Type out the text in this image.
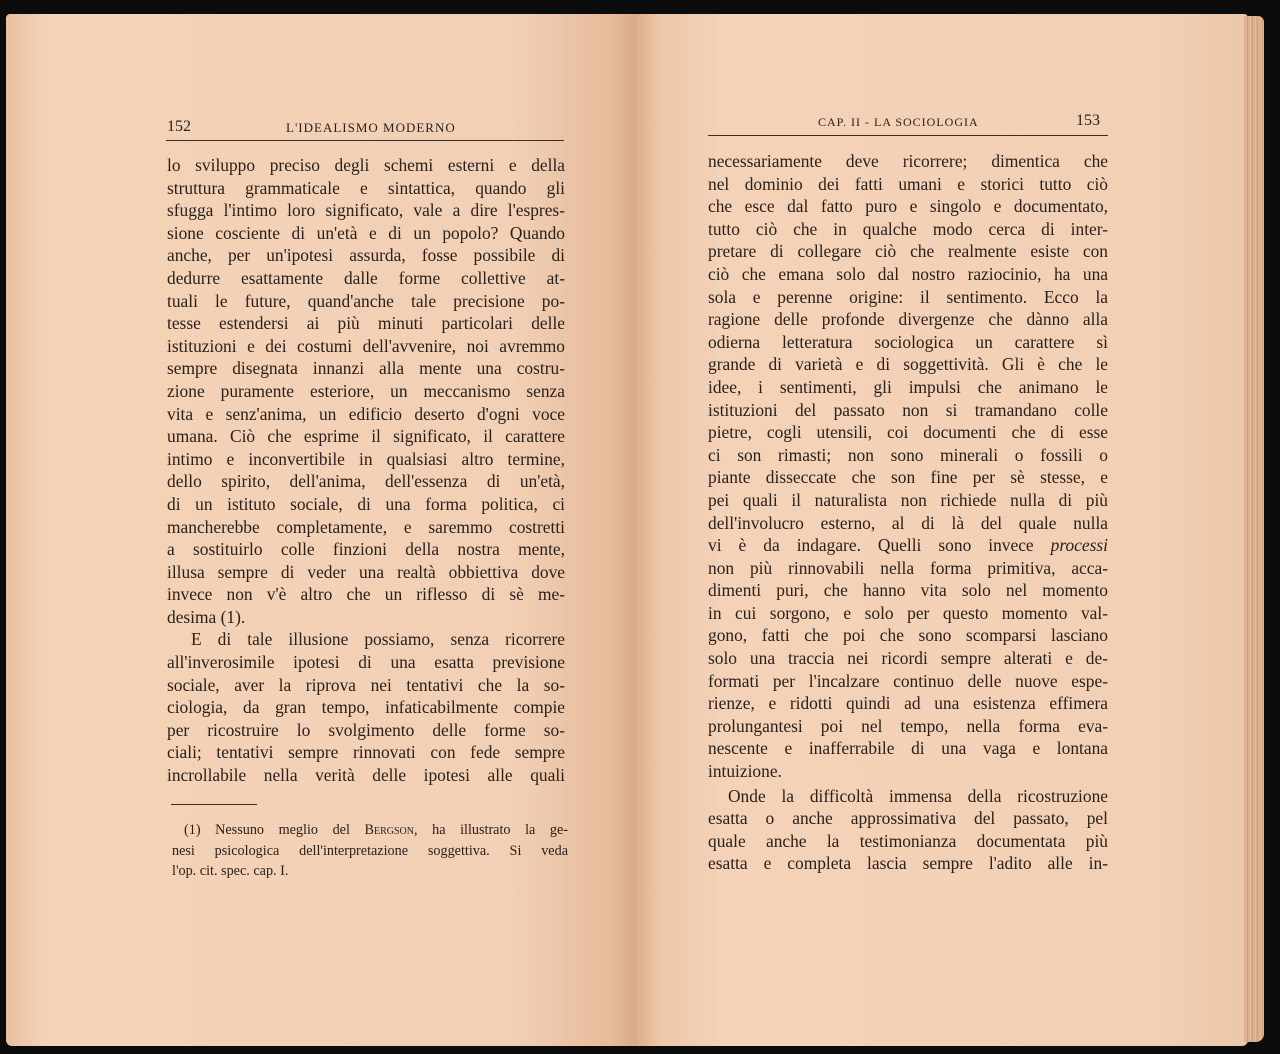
152	L'IDEALISMO MODERNO
lo sviluppo preciso degli schemi esterni e della
struttura grammaticale e sintattica, quando gli
sfugga l'intimo loro significato, vale a dire l'espres-
sione cosciente di un'età e di un popolo? Quando
anche, per un'ipotesi assurda, fosse possibile di
dedurre esattamente dalle forme collettive at-
tuali le future, quand'anche tale precisione po-
tesse estendersi ai più minuti particolari delle
istituzioni e dei costumi dell'avvenire, noi avremmo
sempre disegnata innanzi alla mente una costru-
zione puramente esteriore, un meccanismo senza
vita e senz'anima, un edificio deserto d'ogni voce
umana. Ciò che esprime il significato, il carattere
intimo e inconvertibile in qualsiasi altro termine,
dello spirito, dell'anima, dell'essenza di un'età,
di un istituto sociale, di una forma politica, ci
mancherebbe completamente, e saremmo costretti
a sostituirlo colle finzioni della nostra mente,
illusa sempre di veder una realtà obbiettiva dove
invece non v'è altro che un riflesso di sè me-
desima (1).
E di tale illusione possiamo, senza ricorrere
all'inverosimile ipotesi di una esatta previsione
sociale, aver la riprova nei tentativi che la so-
ciologia, da gran tempo, infaticabilmente compie
per ricostruire lo svolgimento delle forme so-
ciali; tentativi sempre rinnovati con fede sempre
incrollabile nella verità delle ipotesi alle quali
(1) Nessuno meglio del Bergson, ha illustrato la ge-
nesi psicologica dell'interpretazione soggettiva. Si veda
l'op. cit. spec. cap. I.
CAP. II - LA SOCIOLOGIA	153
necessariamente deve ricorrere; dimentica che
nel dominio dei fatti umani e storici tutto ciò
che esce dal fatto puro e singolo e documentato,
tutto ciò che in qualche modo cerca di inter-
pretare di collegare ciò che realmente esiste con
ciò che emana solo dal nostro raziocinio, ha una
sola e perenne origine: il sentimento. Ecco la
ragione delle profonde divergenze che dànno alla
odierna letteratura sociologica un carattere sì
grande di varietà e di soggettività. Gli è che le
idee, i sentimenti, gli impulsi che animano le
istituzioni del passato non si tramandano colle
pietre, cogli utensili, coi documenti che di esse
ci son rimasti; non sono minerali o fossili o
piante disseccate che son fine per sè stesse, e
pei quali il naturalista non richiede nulla di più
dell'involucro esterno, al di là del quale nulla
vi è da indagare. Quelli sono invece processi
non più rinnovabili nella forma primitiva, acca-
dimenti puri, che hanno vita solo nel momento
in cui sorgono, e solo per questo momento val-
gono, fatti che poi che sono scomparsi lasciano
solo una traccia nei ricordi sempre alterati e de-
formati per l'incalzare continuo delle nuove espe-
rienze, e ridotti quindi ad una esistenza effimera
prolungantesi poi nel tempo, nella forma eva-
nescente e inafferrabile di una vaga e lontana
intuizione.
Onde la difficoltà immensa della ricostruzione
esatta o anche approssimativa del passato, pel
quale anche la testimonianza documentata più
esatta e completa lascia sempre l'adito alle in-
